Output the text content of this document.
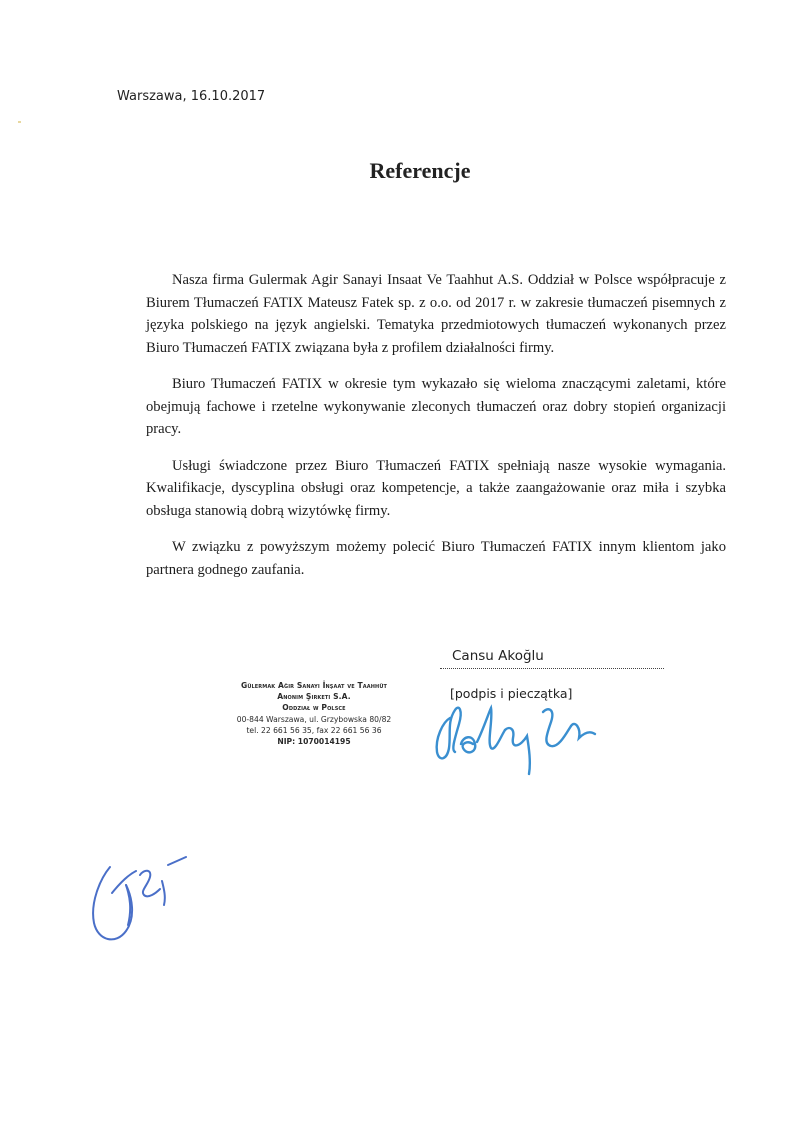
Warszawa, 16.10.2017
Referencje

Nasza firma Gulermak Agir Sanayi Insaat Ve Taahhut A.S. Oddział w Polsce współpracuje z Biurem Tłumaczeń FATIX Mateusz Fatek sp. z o.o. od 2017 r. w zakresie tłumaczeń pisemnych z języka polskiego na język angielski. Tematyka przedmiotowych tłumaczeń wykonanych przez Biuro Tłumaczeń FATIX związana była z profilem działalności firmy.

Biuro Tłumaczeń FATIX w okresie tym wykazało się wieloma znaczącymi zaletami, które obejmują fachowe i rzetelne wykonywanie zleconych tłumaczeń oraz dobry stopień organizacji pracy.

Usługi świadczone przez Biuro Tłumaczeń FATIX spełniają nasze wysokie wymagania. Kwalifikacje, dyscyplina obsługi oraz kompetencje, a także zaangażowanie oraz miła i szybka obsługa stanowią dobrą wizytówkę firmy.

W związku z powyższym możemy polecić Biuro Tłumaczeń FATIX innym klientom jako partnera godnego zaufania.

Gülermak Ağır Sanayı İnşaat ve Taahhüt
Anonim Şirketi S.A.
Oddział w Polsce
00-844 Warszawa, ul. Grzybowska 80/82
tel. 22 661 56 35, fax 22 661 56 36
NIP: 1070014195
Cansu Akoğlu
[podpis i pieczątka]
